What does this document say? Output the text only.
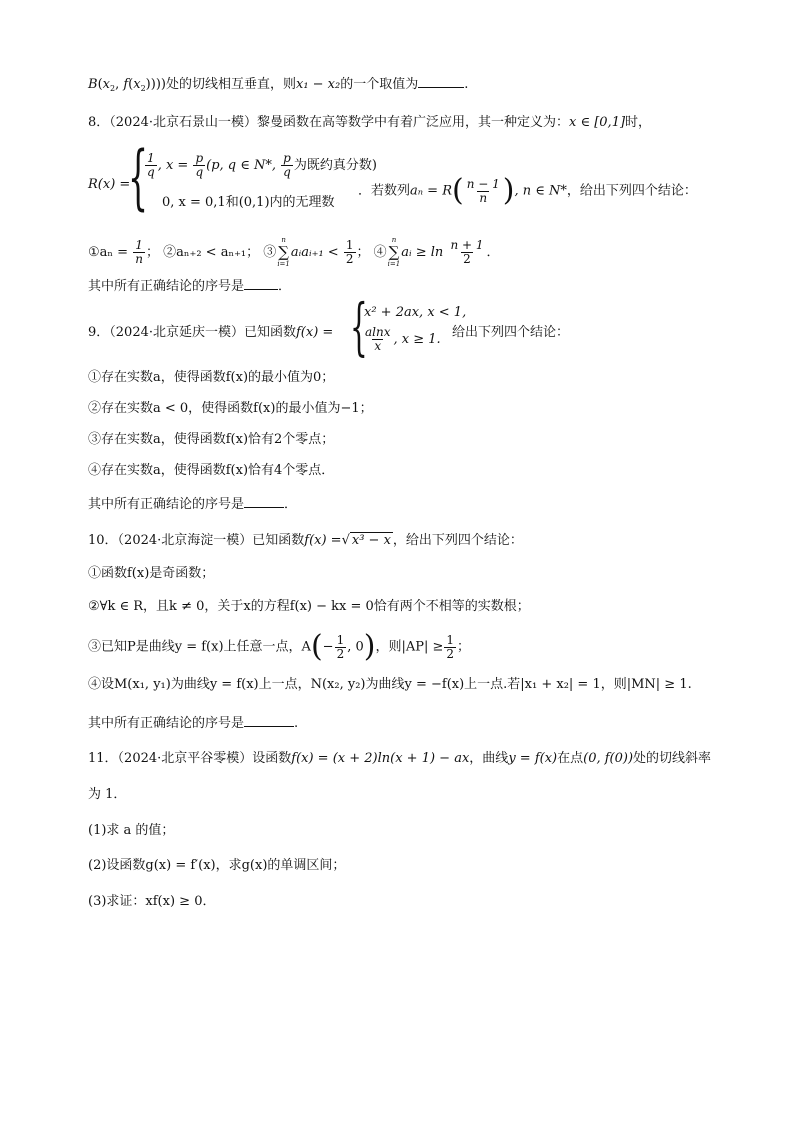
$B(x_2$, $f(x_2)$)))处的切线相互垂直，则x₁ − x₂的一个取值为	.
8．（2024·北京石景山一模）黎曼函数在高等数学中有着广泛应用，其一种定义为：x ∈ [0,1]时，
R(x) =
{
$\frac{1}{q}$ , $x = \frac{p}{q} (p$, q ∈ N*, $\frac{p}{q}$ 为既约真分数)
0, x = 0,1和(0,1)内的无理数
．若数列$a_n = R( \frac{n - 1}{n}$ ), n ∈ N*，给出下列四个结论：
①aₙ = $\frac{1}{n}$ ； ②aₙ₊₂ < aₙ₊₁； ③
n
∑
i=1
aᵢaᵢ₊₁ < $\frac{1}{2}$ ； ④
n
∑
i=1
aᵢ ≥ $\ln \frac{n + 1}{2}$ ．
其中所有正确结论的序号是	．
9．（2024·北京延庆一模）已知函数f(x) = {
x² + 2ax, x < 1,
$\frac{alnx}{x}$ , x ≥ 1. 给出下列四个结论：
①存在实数a，使得函数f(x)的最小值为0；
②存在实数a < 0，使得函数f(x)的最小值为−1；
③存在实数a，使得函数f(x)恰有2个零点；
④存在实数a，使得函数f(x)恰有4个零点．
其中所有正确结论的序号是	．
10．（2024·北京海淀一模）已知函数f(x) =√ x³ − x ，给出下列四个结论：
①函数f(x)是奇函数；
②∀k ∈ R，且k ≠ 0，关于x的方程f(x) − kx = 0恰有两个不相等的实数根；
③已知P是曲线y = f(x)上任意一点，$A(- \frac{1}{2}$ , 0)，则$|AP| \ge \frac{1}{2}$ ；
④设M(x₁, y₁)为曲线y = f(x)上一点，N(x₂, y₂)为曲线y = −f(x)上一点.若|x₁ + x₂| = 1，则|MN| ≥ 1.
其中所有正确结论的序号是	.
11．（2024·北京平谷零模）设函数f(x) = (x + 2)ln(x + 1) − ax，曲线y = f(x)在点(0, f(0))处的切线斜率
为 1．
(1)求 a 的值；
(2)设函数g(x) = f′(x)，求g(x)的单调区间；
(3)求证：xf(x) ≥ 0．
